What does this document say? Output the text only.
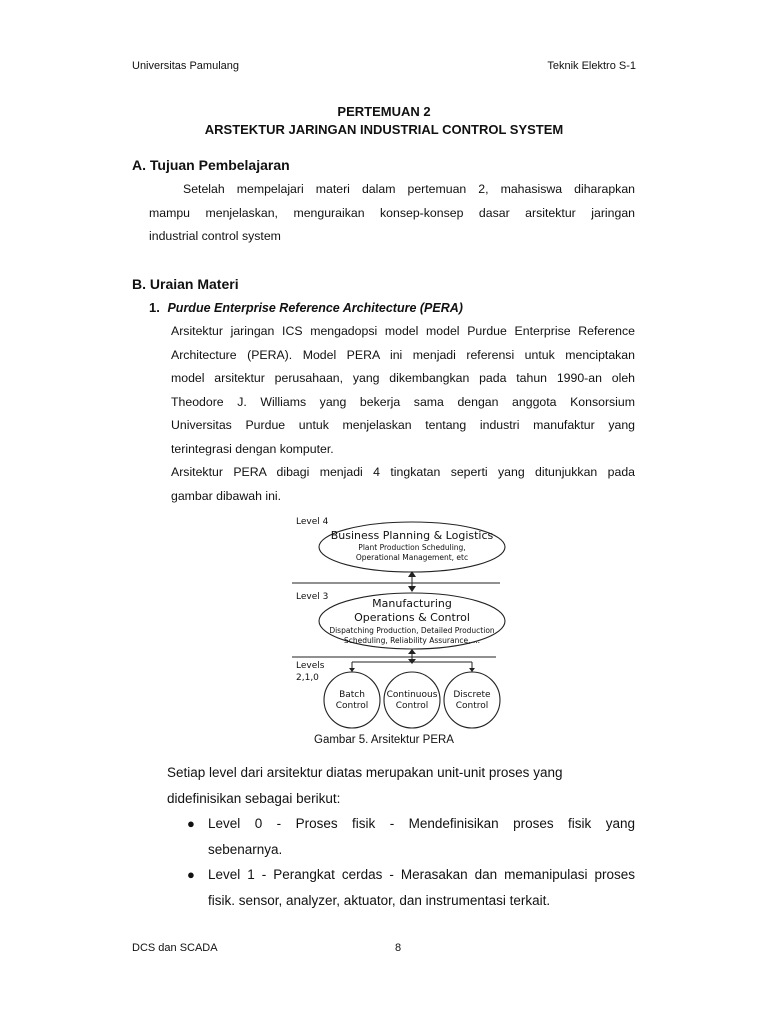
Universitas Pamulang	Teknik Elektro S-1
PERTEMUAN 2
ARSTEKTUR JARINGAN INDUSTRIAL CONTROL SYSTEM
A. Tujuan Pembelajaran
Setelah mempelajari materi dalam pertemuan 2, mahasiswa diharapkan
mampu menjelaskan, menguraikan konsep-konsep dasar arsitektur jaringan
industrial control system
B. Uraian Materi
1. Purdue Enterprise Reference Architecture (PERA)
Arsitektur jaringan ICS mengadopsi model model Purdue Enterprise Reference
Architecture (PERA). Model PERA ini menjadi referensi untuk menciptakan
model arsitektur perusahaan, yang dikembangkan pada tahun 1990-an oleh
Theodore J. Williams yang bekerja sama dengan anggota Konsorsium
Universitas Purdue untuk menjelaskan tentang industri manufaktur yang
terintegrasi dengan komputer.
Arsitektur PERA dibagi menjadi 4 tingkatan seperti yang ditunjukkan pada
gambar dibawah ini.
Level 4
Business Planning & Logistics
Plant Production Scheduling,
Operational Management, etc
Level 3	Manufacturing
Operations & Control
Dispatching Production, Detailed Production
Scheduling, Reliability Assurance, ...
Levels
2,1,0
Batch
Control
Continuous
Control
Discrete
Control
Gambar 5. Arsitektur PERA
Setiap level dari arsitektur diatas merupakan unit-unit proses yang
didefinisikan sebagai berikut:
● Level 0 - Proses fisik - Mendefinisikan proses fisik yang
sebenarnya.
● Level 1 - Perangkat cerdas - Merasakan dan memanipulasi proses
fisik. sensor, analyzer, aktuator, dan instrumentasi terkait.
DCS dan SCADA	8
